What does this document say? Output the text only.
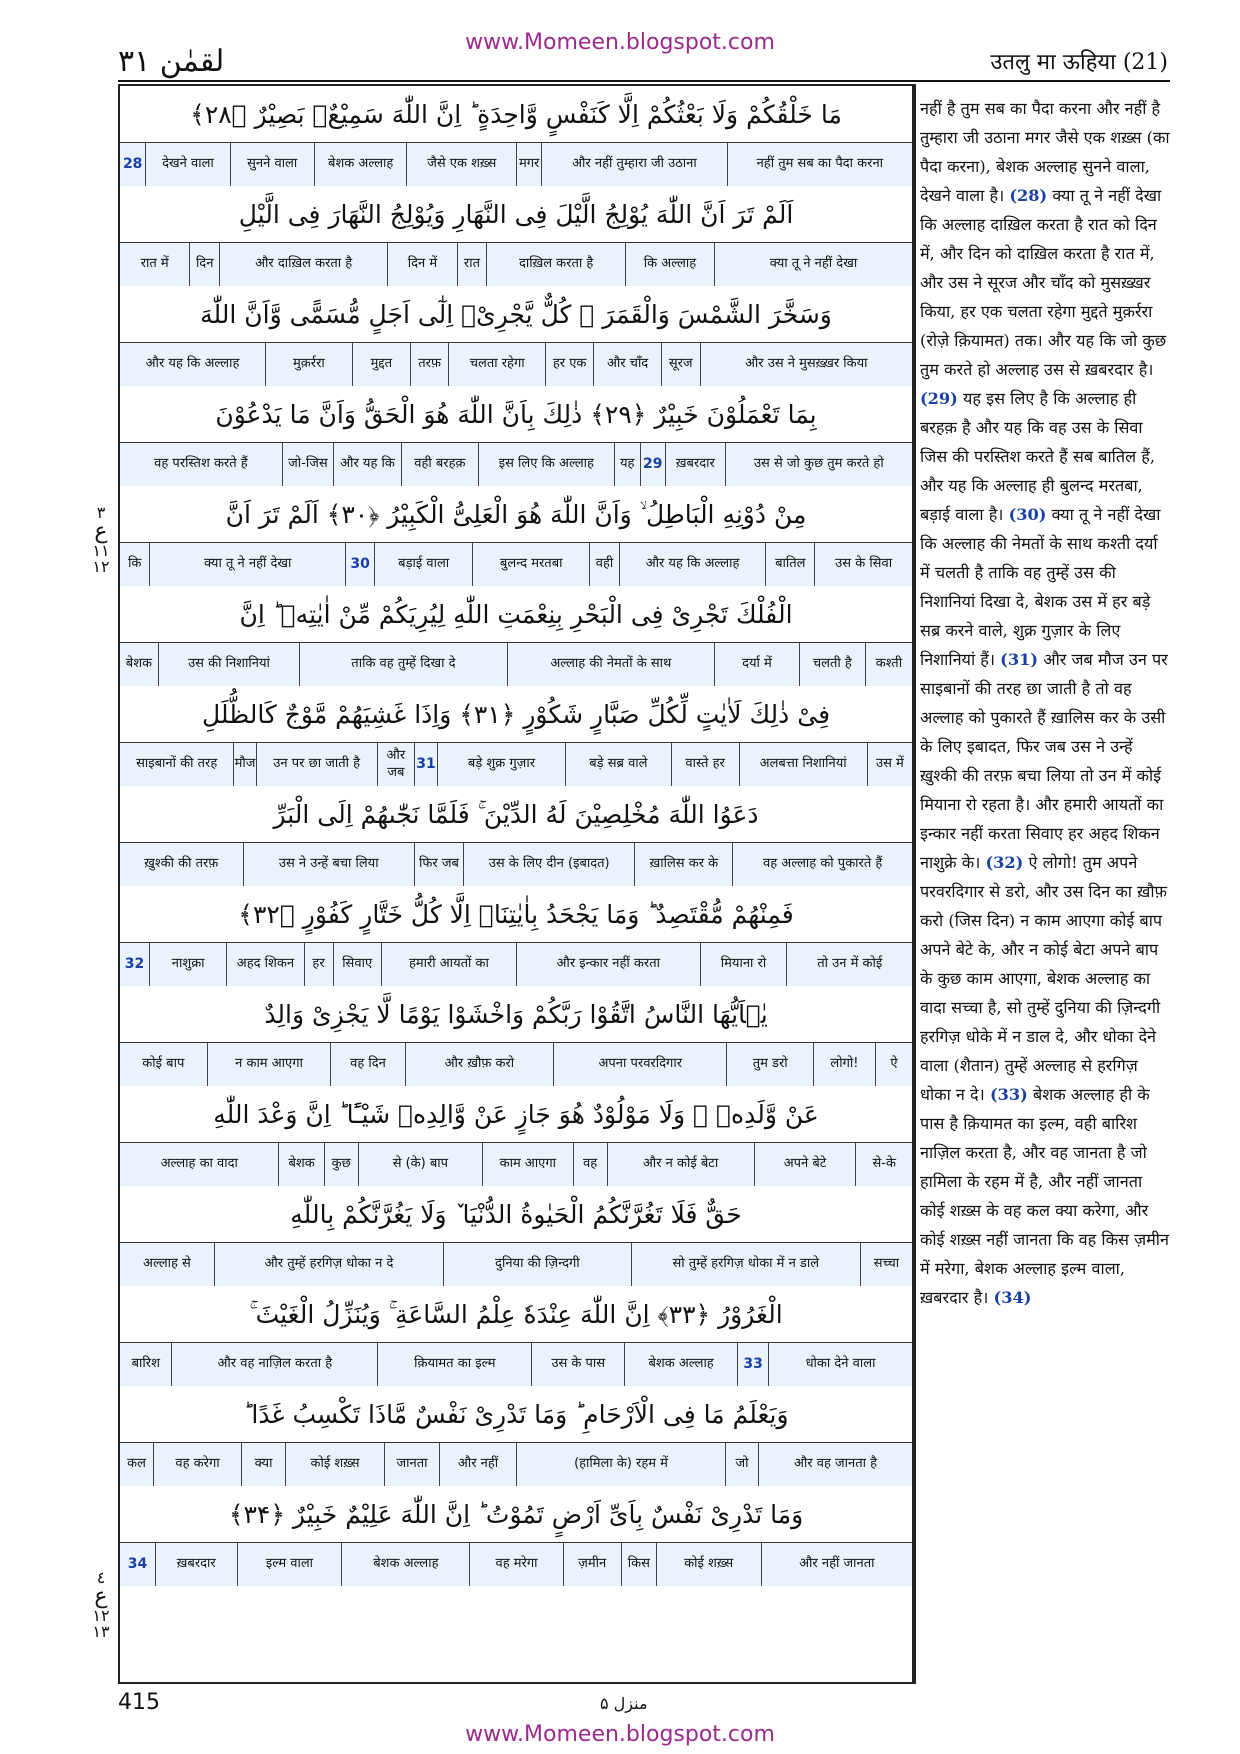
www.Momeen.blogspot.com
لقمٰن ۳۱	उतलु मा ऊहिया (21)
مَا خَلْقُكُمْ وَلَا بَعْثُكُمْ اِلَّا كَنَفْسٍ وَّاحِدَةٍ ؕ اِنَّ اللّٰهَ سَمِيْعٌۢ بَصِيْرٌ ﴿۲۸﴾
नहीं तुम सब का पैदा करना
और नहीं तुम्हारा जी उठाना
मगर
जैसे एक शख़्स
बेशक अल्लाह
सुनने वाला
देखने वाला
28
اَلَمْ تَرَ اَنَّ اللّٰهَ يُوْلِجُ الَّيْلَ فِى النَّهَارِ وَيُوْلِجُ النَّهَارَ فِى الَّيْلِ
क्या तू ने नहीं देखा
कि अल्लाह
दाख़िल करता है
रात
दिन में
और दाख़िल करता है
दिन
रात में
وَسَخَّرَ الشَّمْسَ وَالْقَمَرَ ۡ كُلٌّ يَّجْرِىْۤ اِلٰٓى اَجَلٍ مُّسَمًّى وَّاَنَّ اللّٰهَ
और उस ने मुसख़्ख़र किया
सूरज
और चाँद
हर एक
चलता रहेगा
तरफ़
मुद्दत
मुक़र्ररा
और यह कि अल्लाह
بِمَا تَعْمَلُوْنَ خَبِيْرٌ ﴿۲۹﴾ ذٰلِكَ بِاَنَّ اللّٰهَ هُوَ الْحَقُّ وَاَنَّ مَا يَدْعُوْنَ
उस से जो कुछ तुम करते हो
ख़बरदार
29
यह
इस लिए कि अल्लाह
वही बरहक़
और यह कि
जो-जिस
वह परस्तिश करते हैं
مِنْ دُوْنِهِ الْبَاطِلُ ۙ وَاَنَّ اللّٰهَ هُوَ الْعَلِىُّ الْكَبِيْرُ ﴿۳۰﴾ اَلَمْ تَرَ اَنَّ
उस के सिवा
बातिल
और यह कि अल्लाह
वही
बुलन्द मरतबा
बड़ाई वाला
30
क्या तू ने नहीं देखा
कि
الْفُلْكَ تَجْرِىْ فِى الْبَحْرِ بِنِعْمَتِ اللّٰهِ لِيُرِيَكُمْ مِّنْ اٰيٰتِهٖ ؕ اِنَّ
कश्ती
चलती है
दर्या में
अल्लाह की नेमतों के साथ
ताकि वह तुम्हें दिखा दे
उस की निशानियां
बेशक
فِىْ ذٰلِكَ لَاٰيٰتٍ لِّكُلِّ صَبَّارٍ شَكُوْرٍ ﴿۳۱﴾ وَاِذَا غَشِيَهُمْ مَّوْجٌ كَالظُّلَلِ
उस में
अलबत्ता निशानियां
वास्ते हर
बड़े सब्र वाले
बड़े शुक्र गुज़ार
31
और जब
उन पर छा जाती है
मौज
साइबानों की तरह
دَعَوُا اللّٰهَ مُخْلِصِيْنَ لَهُ الدِّيْنَ ۚ فَلَمَّا نَجّٰىهُمْ اِلَى الْبَرِّ
वह अल्लाह को पुकारते हैं
ख़ालिस कर के
उस के लिए दीन (इबादत)
फिर जब
उस ने उन्हें बचा लिया
ख़ुश्की की तरफ़
فَمِنْهُمْ مُّقْتَصِدٌ ؕ وَمَا يَجْحَدُ بِاٰيٰتِنَاۤ اِلَّا كُلُّ خَتَّارٍ كَفُوْرٍ ﴿۳۲﴾
तो उन में कोई
मियाना रो
और इन्कार नहीं करता
हमारी आयतों का
सिवाए
हर
अहद शिकन
नाशुक्रा
32
يٰۤاَيُّهَا النَّاسُ اتَّقُوْا رَبَّكُمْ وَاخْشَوْا يَوْمًا لَّا يَجْزِىْ وَالِدٌ
ऐ
लोगो!
तुम डरो
अपना परवरदिगार
और ख़ौफ़ करो
वह दिन
न काम आएगा
कोई बाप
عَنْ وَّلَدِهٖ ۡ وَلَا مَوْلُوْدٌ هُوَ جَازٍ عَنْ وَّالِدِهٖ شَيْـًٔا ؕ اِنَّ وَعْدَ اللّٰهِ
से-के
अपने बेटे
और न कोई बेटा
वह
काम आएगा
से (के) बाप
कुछ
बेशक
अल्लाह का वादा
حَقٌّ فَلَا تَغُرَّنَّكُمُ الْحَيٰوةُ الدُّنْيَا ٚ وَلَا يَغُرَّنَّكُمْ بِاللّٰهِ
सच्चा
सो तुम्हें हरगिज़ धोका में न डाले
दुनिया की ज़िन्दगी
और तुम्हें हरगिज़ धोका न दे
अल्लाह से
الْغَرُوْرُ ﴿۳۳﴾ اِنَّ اللّٰهَ عِنْدَهٗ عِلْمُ السَّاعَةِ ۚ وَيُنَزِّلُ الْغَيْثَ ۚ
धोका देने वाला
33
बेशक अल्लाह
उस के पास
क़ियामत का इल्म
और वह नाज़िल करता है
बारिश
وَيَعْلَمُ مَا فِى الْاَرْحَامِ ؕ وَمَا تَدْرِىْ نَفْسٌ مَّاذَا تَكْسِبُ غَدًا ؕ
और वह जानता है
जो
(हामिला के) रहम में
और नहीं
जानता
कोई शख़्स
क्या
वह करेगा
कल
وَمَا تَدْرِىْ نَفْسٌ بِاَىِّ اَرْضٍ تَمُوْتُ ؕ اِنَّ اللّٰهَ عَلِيْمٌ خَبِيْرٌ ﴿۳۴﴾
और नहीं जानता
कोई शख़्स
किस
ज़मीन
वह मरेगा
बेशक अल्लाह
इल्म वाला
ख़बरदार
34
नहीं है तुम सब का पैदा करना और नहीं है तुम्हारा जी उठाना मगर जैसे एक शख़्स (का पैदा करना), बेशक अल्लाह सुनने वाला, देखने वाला है। (28) क्या तू ने नहीं देखा कि अल्लाह दाख़िल करता है रात को दिन में, और दिन को दाख़िल करता है रात में, और उस ने सूरज और चाँद को मुसख़्ख़र किया, हर एक चलता रहेगा मुद्दते मुक़र्ररा (रोज़े क़ियामत) तक। और यह कि जो कुछ तुम करते हो अल्लाह उस से ख़बरदार है। (29) यह इस लिए है कि अल्लाह ही बरहक़ है और यह कि वह उस के सिवा जिस की परस्तिश करते हैं सब बातिल हैं, और यह कि अल्लाह ही बुलन्द मरतबा, बड़ाई वाला है। (30) क्या तू ने नहीं देखा कि अल्लाह की नेमतों के साथ कश्ती दर्या में चलती है ताकि वह तुम्हें उस की निशानियां दिखा दे, बेशक उस में हर बड़े सब्र करने वाले, शुक्र गुज़ार के लिए निशानियां हैं। (31) और जब मौज उन पर साइबानों की तरह छा जाती है तो वह अल्लाह को पुकारते हैं ख़ालिस कर के उसी के लिए इबादत, फिर जब उस ने उन्हें ख़ुश्की की तरफ़ बचा लिया तो उन में कोई मियाना रो रहता है। और हमारी आयतों का इन्कार नहीं करता सिवाए हर अहद शिकन नाशुक्रे के। (32) ऐ लोगो! तुम अपने परवरदिगार से डरो, और उस दिन का ख़ौफ़ करो (जिस दिन) न काम आएगा कोई बाप अपने बेटे के, और न कोई बेटा अपने बाप के कुछ काम आएगा, बेशक अल्लाह का वादा सच्चा है, सो तुम्हें दुनिया की ज़िन्दगी हरगिज़ धोके में न डाल दे, और धोका देने वाला (शैतान) तुम्हें अल्लाह से हरगिज़ धोका न दे। (33) बेशक अल्लाह ही के पास है क़ियामत का इल्म, वही बारिश नाज़िल करता है, और वह जानता है जो हामिला के रहम में है, और नहीं जानता कोई शख़्स के वह कल क्या करेगा, और कोई शख़्स नहीं जानता कि वह किस ज़मीन में मरेगा, बेशक अल्लाह इल्म वाला, ख़बरदार है। (34)
٣
ع
۱۱
۱۲
٤
ع
١٢
۱۳
415	منزل ۵
www.Momeen.blogspot.com
